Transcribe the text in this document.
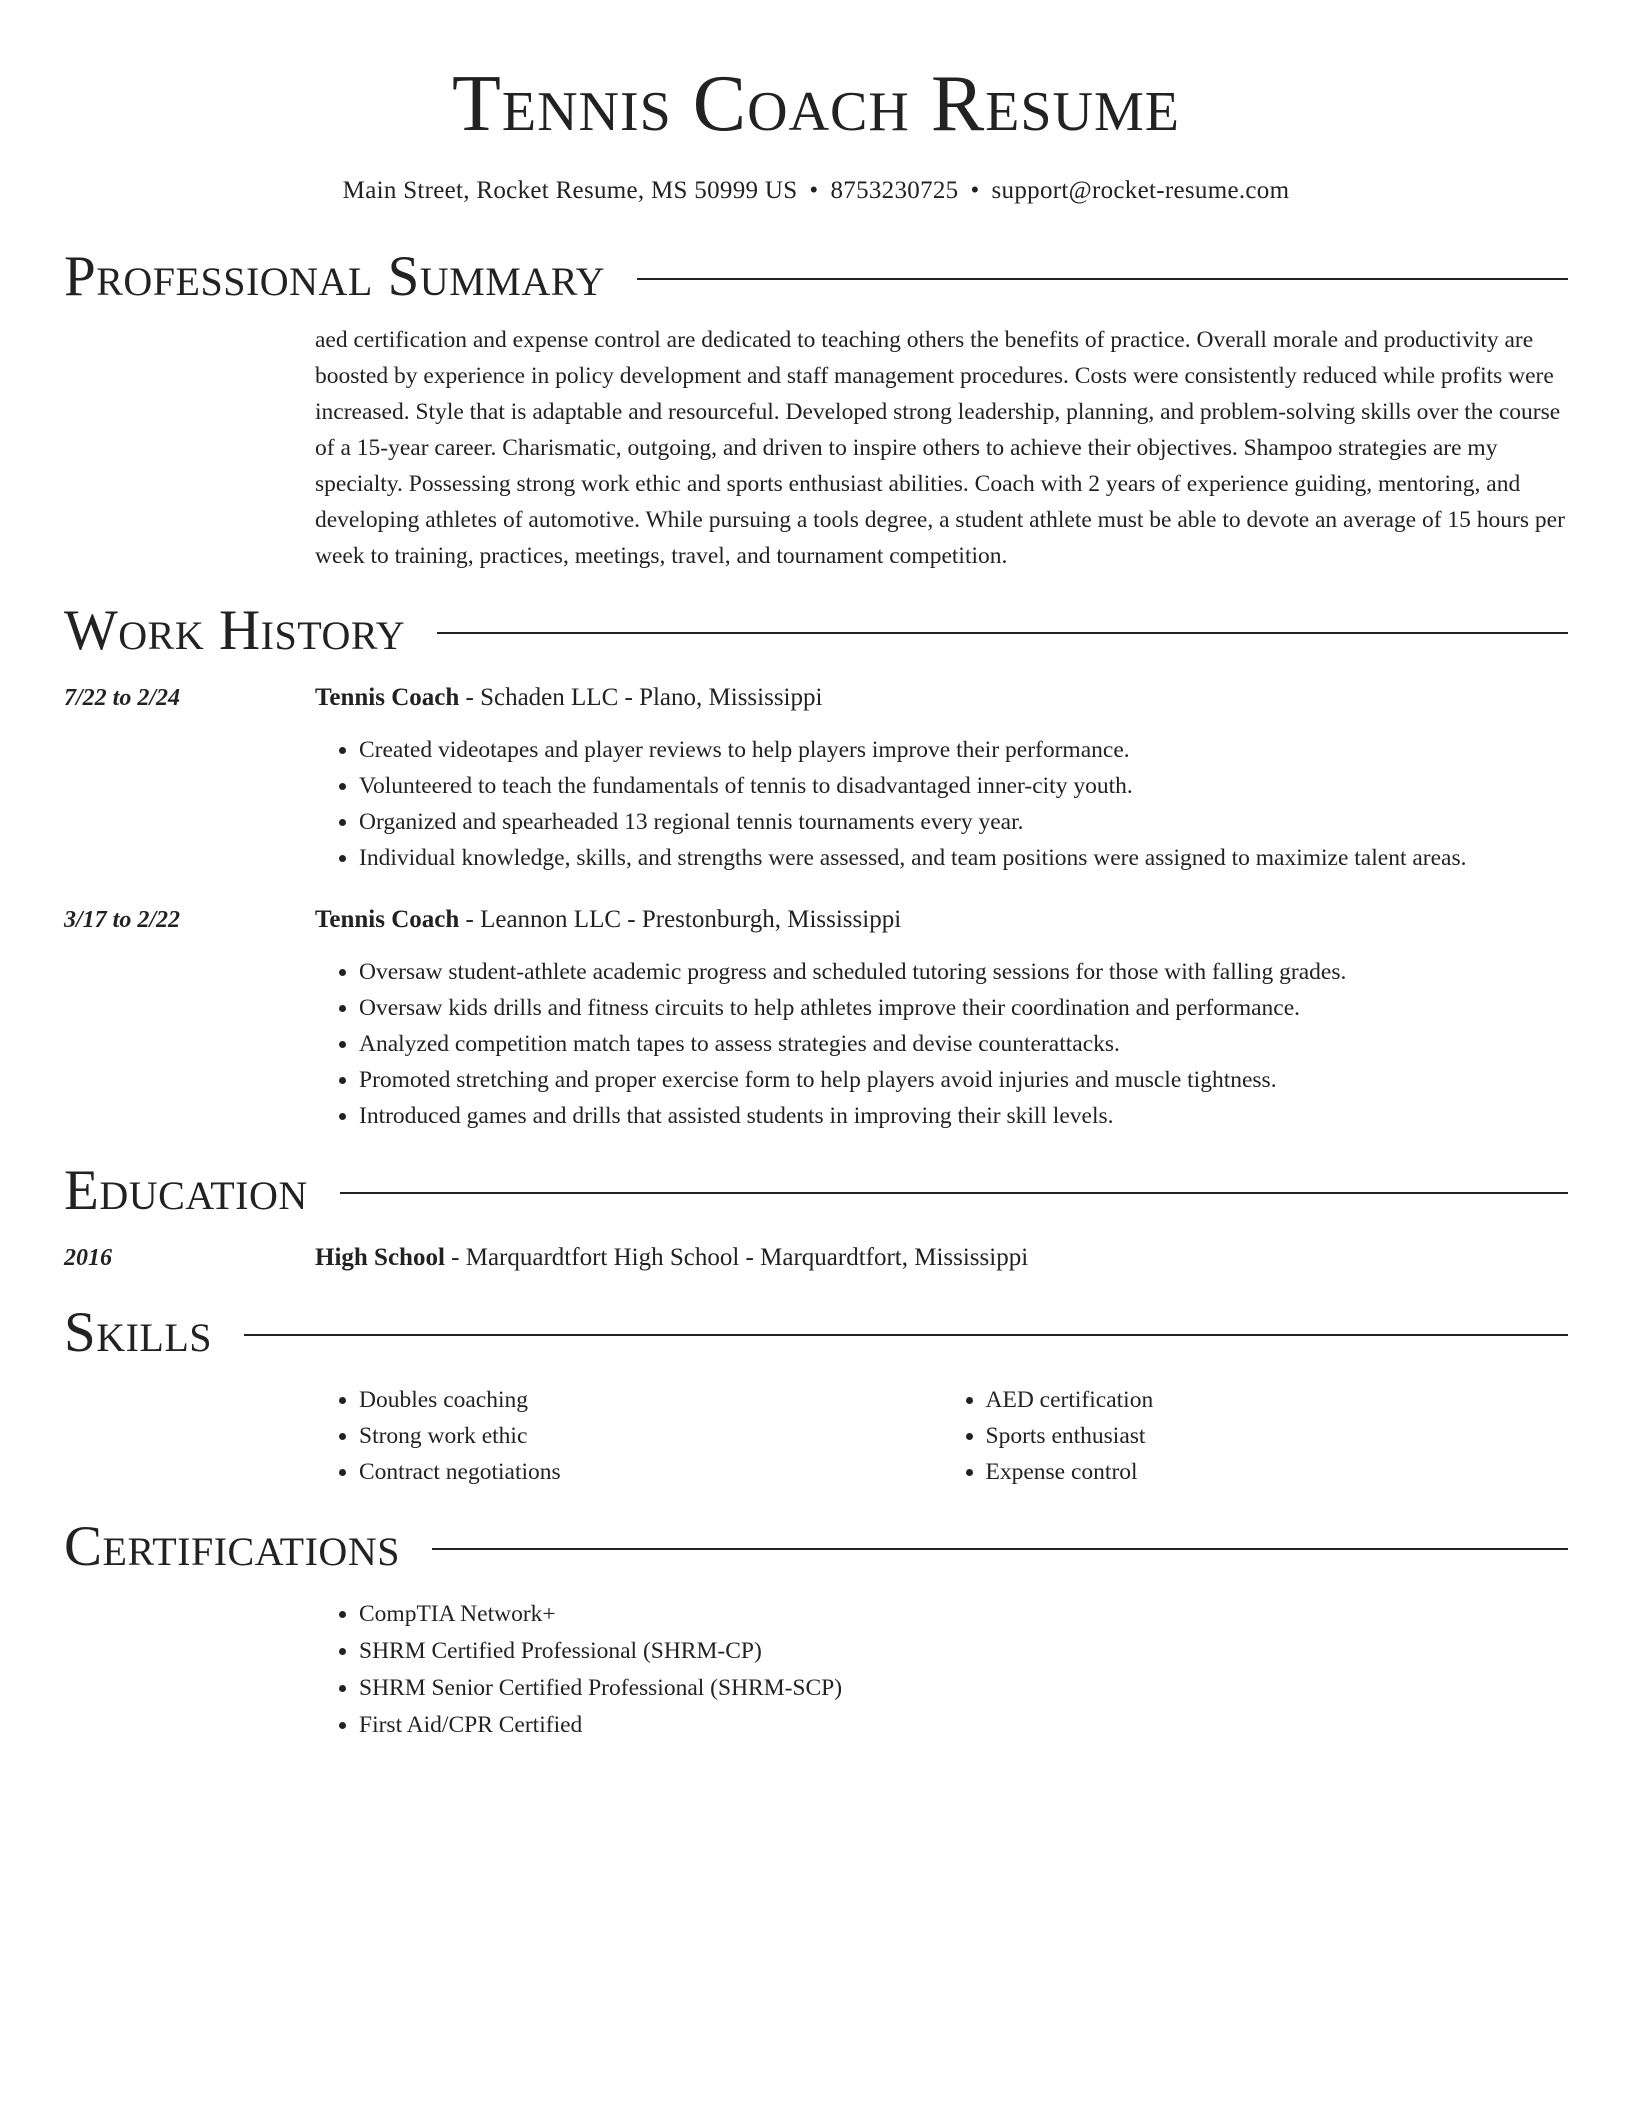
Tennis Coach Resume
Main Street, Rocket Resume, MS 50999 US • 8753230725 • support@rocket-resume.com
Professional Summary
aed certification and expense control are dedicated to teaching others the benefits of practice. Overall morale and productivity are boosted by experience in policy development and staff management procedures. Costs were consistently reduced while profits were increased. Style that is adaptable and resourceful. Developed strong leadership, planning, and problem-solving skills over the course of a 15-year career. Charismatic, outgoing, and driven to inspire others to achieve their objectives. Shampoo strategies are my specialty. Possessing strong work ethic and sports enthusiast abilities. Coach with 2 years of experience guiding, mentoring, and developing athletes of automotive. While pursuing a tools degree, a student athlete must be able to devote an average of 15 hours per week to training, practices, meetings, travel, and tournament competition.
Work History
7/22 to 2/24	Tennis Coach - Schaden LLC - Plano, Mississippi
• Created videotapes and player reviews to help players improve their performance.
• Volunteered to teach the fundamentals of tennis to disadvantaged inner-city youth.
• Organized and spearheaded 13 regional tennis tournaments every year.
• Individual knowledge, skills, and strengths were assessed, and team positions were assigned to maximize talent areas.
3/17 to 2/22	Tennis Coach - Leannon LLC - Prestonburgh, Mississippi
• Oversaw student-athlete academic progress and scheduled tutoring sessions for those with falling grades.
• Oversaw kids drills and fitness circuits to help athletes improve their coordination and performance.
• Analyzed competition match tapes to assess strategies and devise counterattacks.
• Promoted stretching and proper exercise form to help players avoid injuries and muscle tightness.
• Introduced games and drills that assisted students in improving their skill levels.
Education
2016	High School - Marquardtfort High School - Marquardtfort, Mississippi
Skills
• Doubles coaching
• Strong work ethic
• Contract negotiations
• AED certification
• Sports enthusiast
• Expense control
Certifications
• CompTIA Network+
• SHRM Certified Professional (SHRM-CP)
• SHRM Senior Certified Professional (SHRM-SCP)
• First Aid/CPR Certified
